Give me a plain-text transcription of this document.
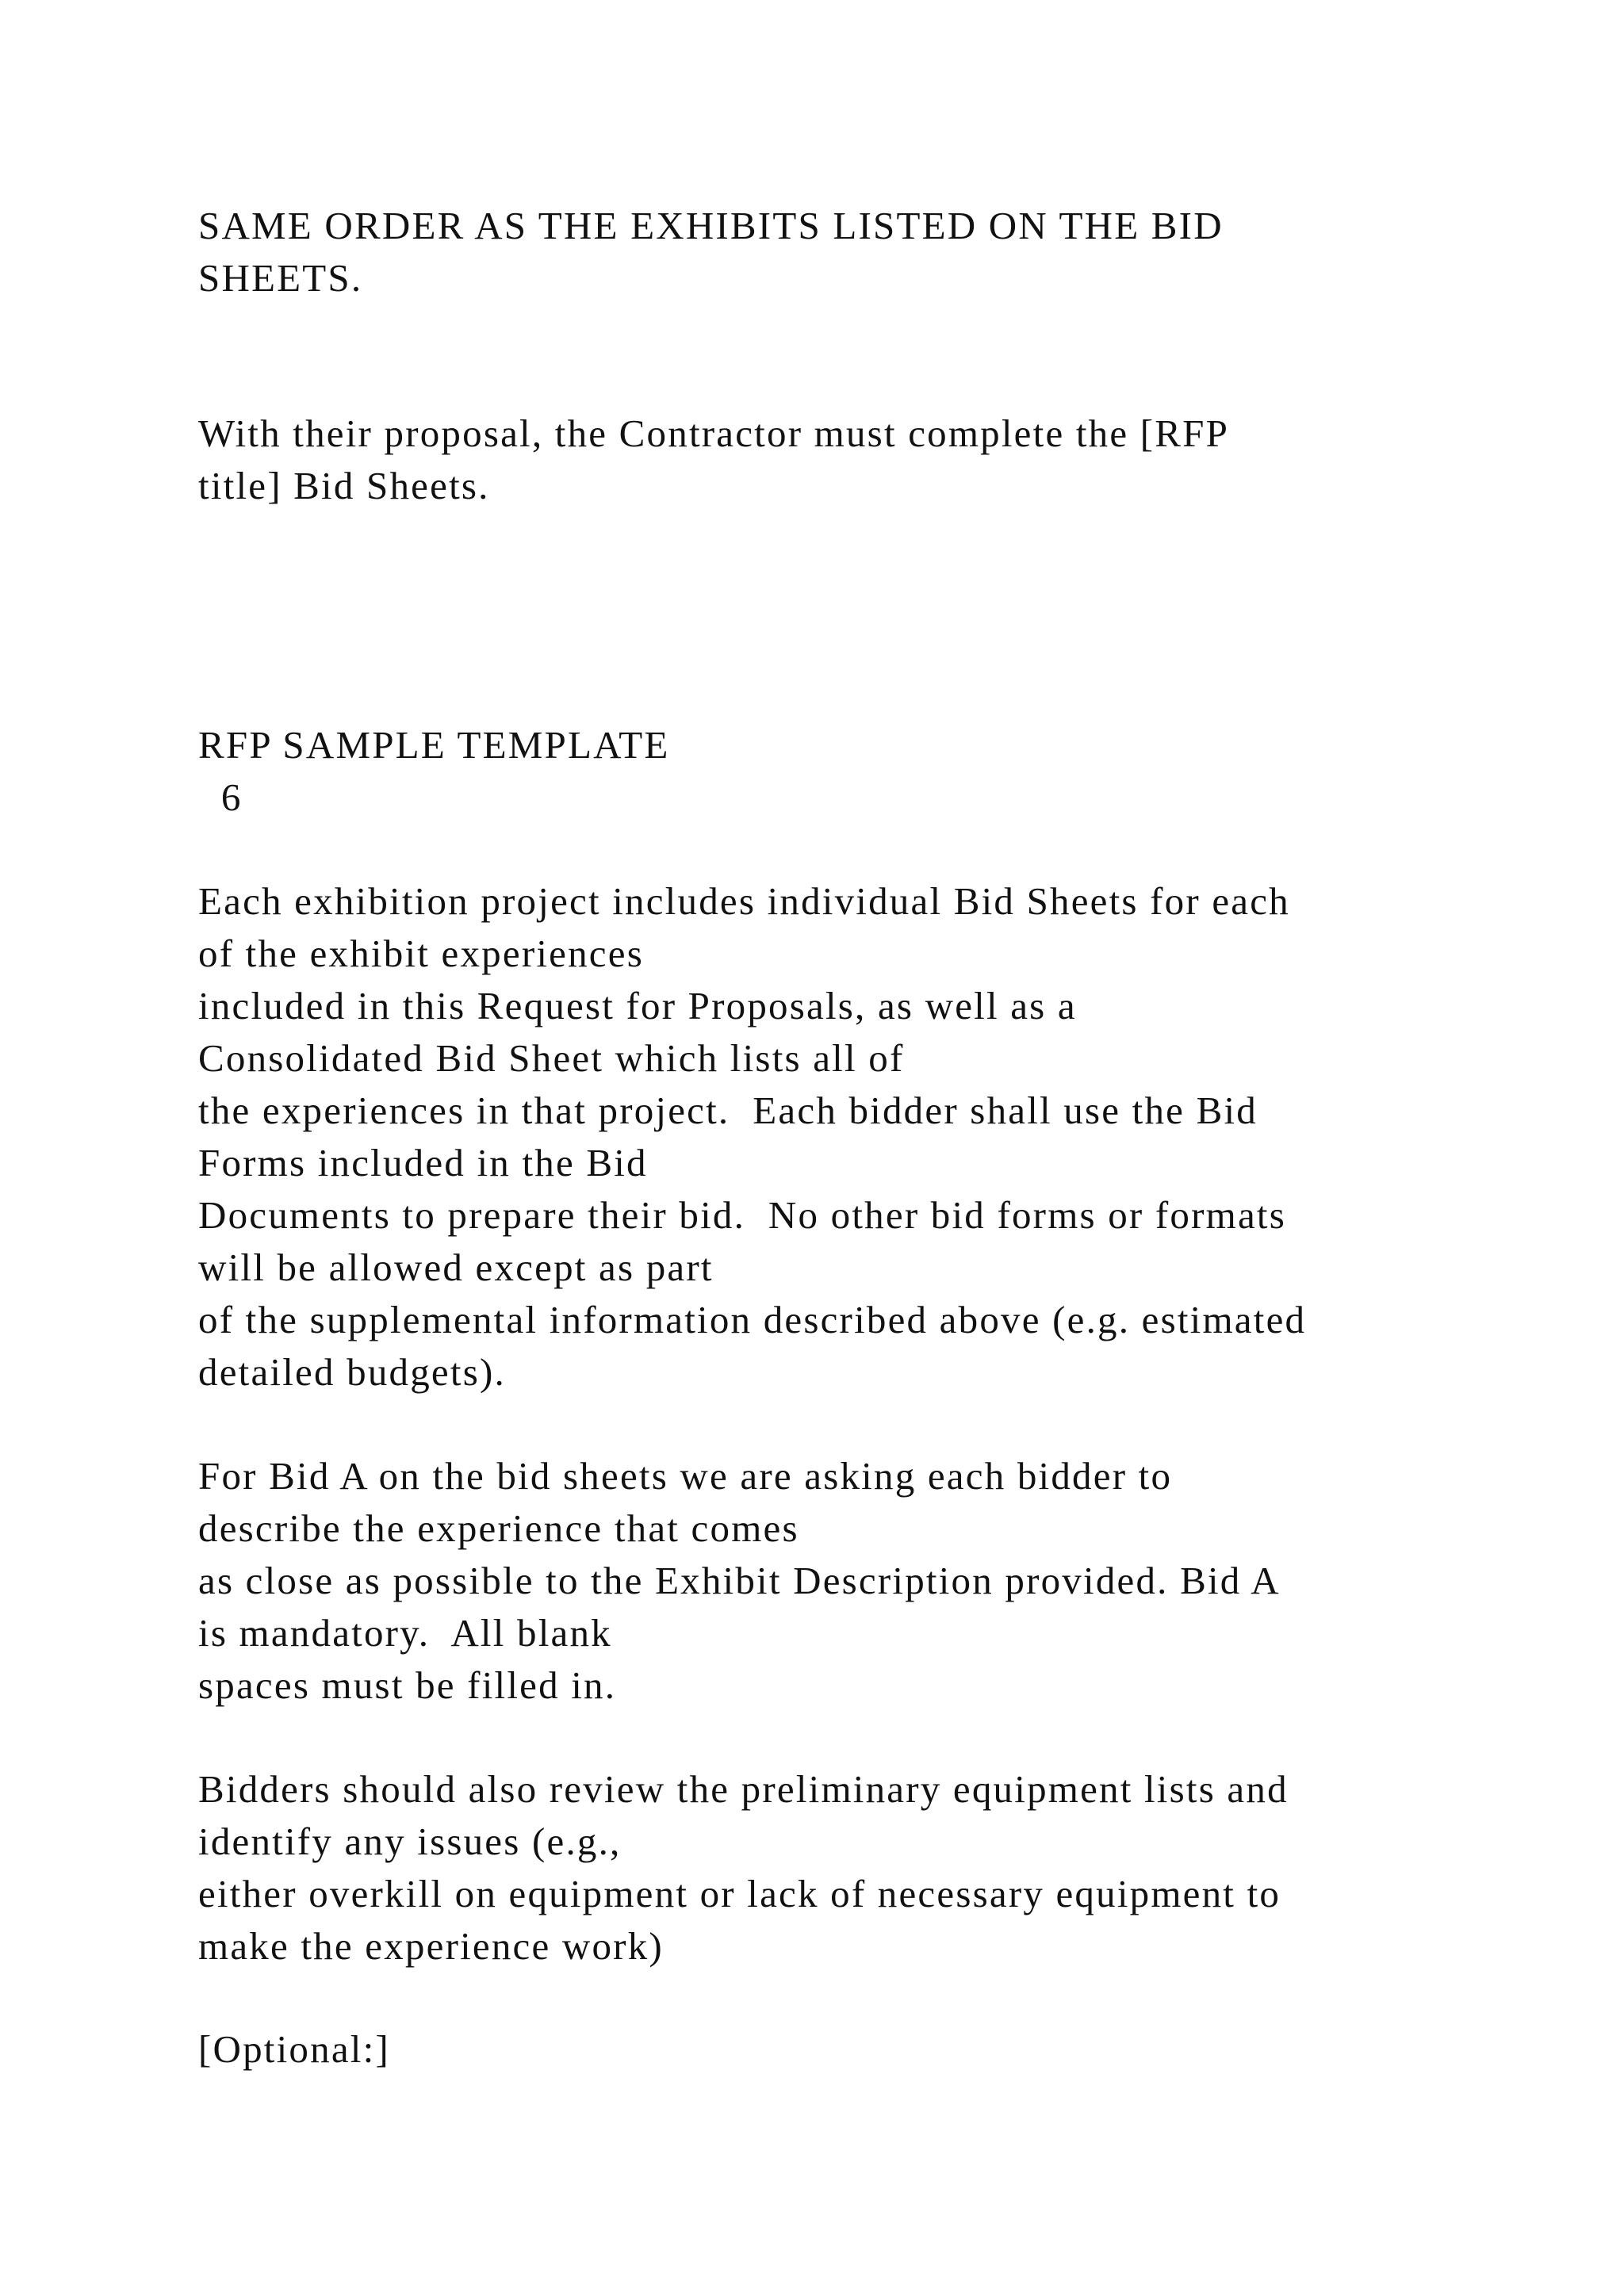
SAME ORDER AS THE EXHIBITS LISTED ON THE BID

SHEETS.

With their proposal, the Contractor must complete the [RFP

title] Bid Sheets.

RFP SAMPLE TEMPLATE

6

Each exhibition project includes individual Bid Sheets for each

of the exhibit experiences

included in this Request for Proposals, as well as a

Consolidated Bid Sheet which lists all of

the experiences in that project.  Each bidder shall use the Bid

Forms included in the Bid

Documents to prepare their bid.  No other bid forms or formats

will be allowed except as part

of the supplemental information described above (e.g. estimated

detailed budgets).

For Bid A on the bid sheets we are asking each bidder to

describe the experience that comes

as close as possible to the Exhibit Description provided. Bid A

is mandatory.  All blank

spaces must be filled in.

Bidders should also review the preliminary equipment lists and

identify any issues (e.g.,

either overkill on equipment or lack of necessary equipment to

make the experience work)

[Optional:]
